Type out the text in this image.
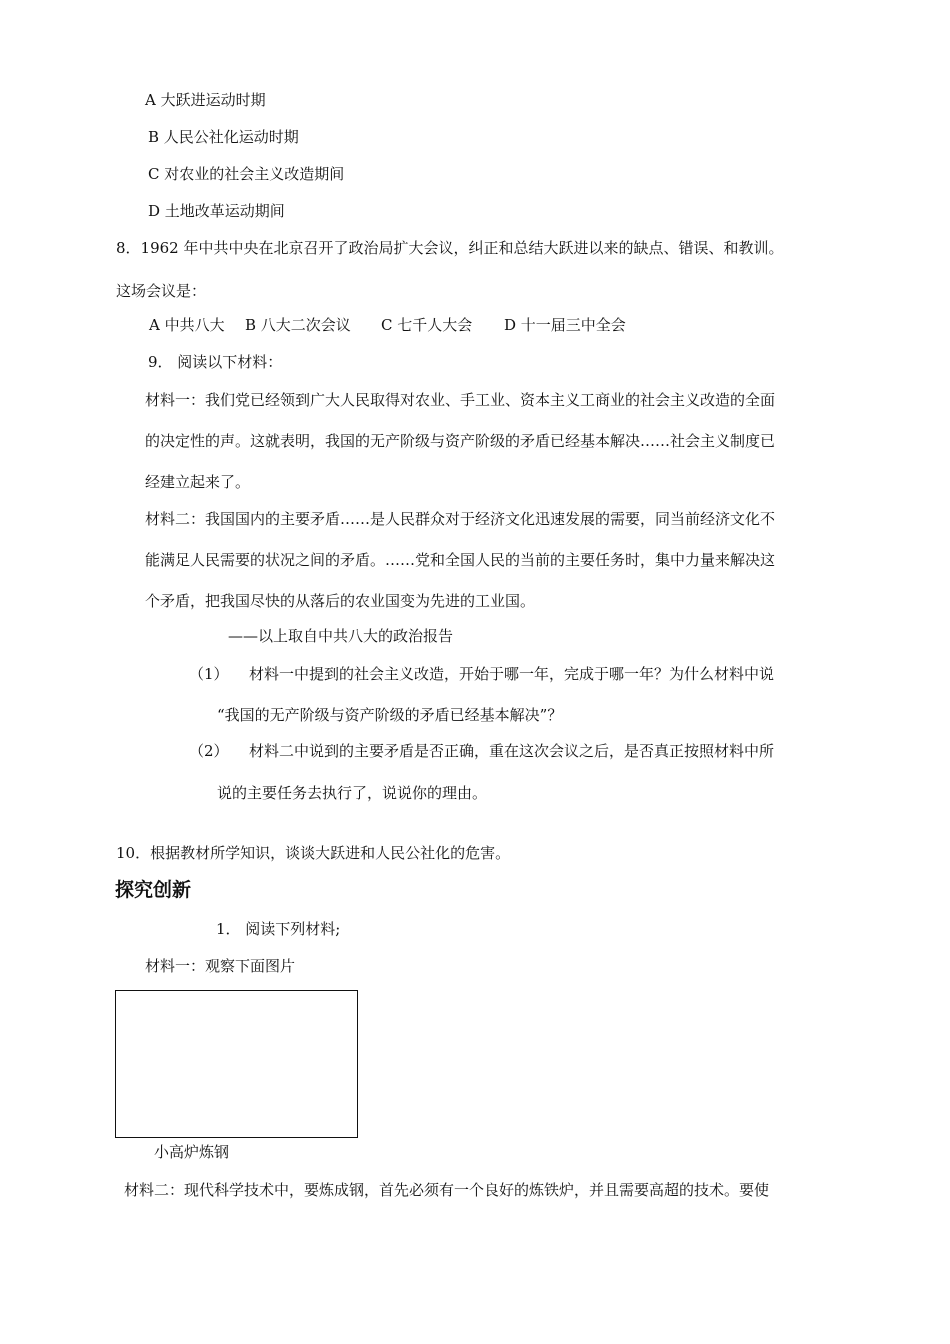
A 大跃进运动时期
B 人民公社化运动时期
C 对农业的社会主义改造期间
D 土地改革运动期间
8．1962 年中共中央在北京召开了政治局扩大会议，纠正和总结大跃进以来的缺点、错误、和教训。
这场会议是：
A 中共八大 B 八大二次会议 C 七千人大会 D 十一届三中全会
9． 阅读以下材料：
材料一：我们党已经领到广大人民取得对农业、手工业、资本主义工商业的社会主义改造的全面
的决定性的声。这就表明，我国的无产阶级与资产阶级的矛盾已经基本解决……社会主义制度已
经建立起来了。
材料二：我国国内的主要矛盾……是人民群众对于经济文化迅速发展的需要，同当前经济文化不
能满足人民需要的状况之间的矛盾。……党和全国人民的当前的主要任务时，集中力量来解决这
个矛盾，把我国尽快的从落后的农业国变为先进的工业国。
——以上取自中共八大的政治报告
（1） 材料一中提到的社会主义改造，开始于哪一年，完成于哪一年？为什么材料中说
“我国的无产阶级与资产阶级的矛盾已经基本解决”？
（2） 材料二中说到的主要矛盾是否正确，重在这次会议之后，是否真正按照材料中所
说的主要任务去执行了，说说你的理由。
10．根据教材所学知识，谈谈大跃进和人民公社化的危害。
探究创新
1． 阅读下列材料;
材料一：观察下面图片
小高炉炼钢
材料二：现代科学技术中，要炼成钢，首先必须有一个良好的炼铁炉，并且需要高超的技术。要使
